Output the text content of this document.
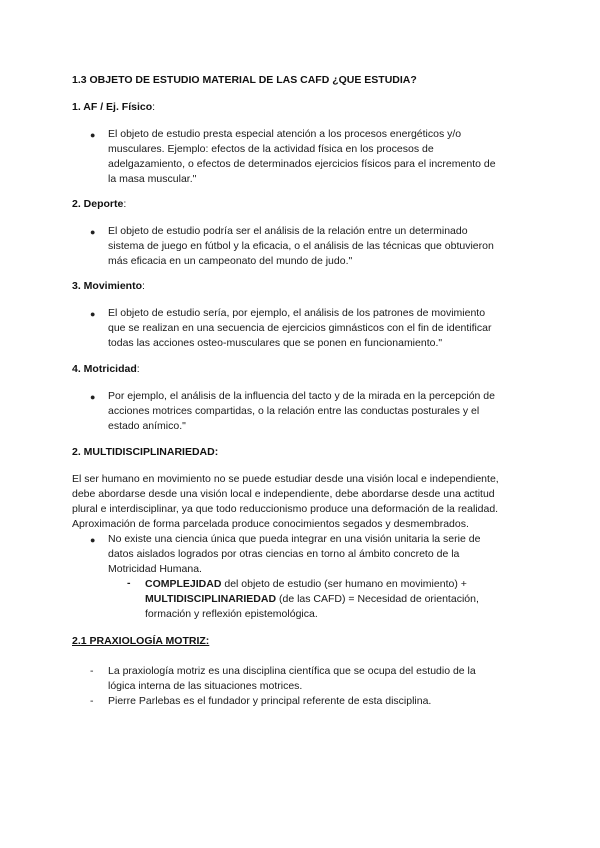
1.3 OBJETO DE ESTUDIO MATERIAL DE LAS CAFD ¿QUE ESTUDIA?
1. AF / Ej. Físico:
● El objeto de estudio presta especial atención a los procesos energéticos y/o
musculares. Ejemplo: efectos de la actividad física en los procesos de
adelgazamiento, o efectos de determinados ejercicios físicos para el incremento de
la masa muscular."
2. Deporte:
● El objeto de estudio podría ser el análisis de la relación entre un determinado
sistema de juego en fútbol y la eficacia, o el análisis de las técnicas que obtuvieron
más eficacia en un campeonato del mundo de judo."
3. Movimiento:
● El objeto de estudio sería, por ejemplo, el análisis de los patrones de movimiento
que se realizan en una secuencia de ejercicios gimnásticos con el fin de identificar
todas las acciones osteo-musculares que se ponen en funcionamiento."
4. Motricidad:
● Por ejemplo, el análisis de la influencia del tacto y de la mirada en la percepción de
acciones motrices compartidas, o la relación entre las conductas posturales y el
estado anímico."
2. MULTIDISCIPLINARIEDAD:
El ser humano en movimiento no se puede estudiar desde una visión local e independiente,
debe abordarse desde una visión local e independiente, debe abordarse desde una actitud
plural e interdisciplinar, ya que todo reduccionismo produce una deformación de la realidad.
Aproximación de forma parcelada produce conocimientos segados y desmembrados.
● No existe una ciencia única que pueda integrar en una visión unitaria la serie de
datos aislados logrados por otras ciencias en torno al ámbito concreto de la
Motricidad Humana.
- COMPLEJIDAD del objeto de estudio (ser humano en movimiento) +
MULTIDISCIPLINARIEDAD (de las CAFD) = Necesidad de orientación,
formación y reflexión epistemológica.
2.1 PRAXIOLOGÍA MOTRIZ:
- La praxiología motriz es una disciplina científica que se ocupa del estudio de la
lógica interna de las situaciones motrices.
- Pierre Parlebas es el fundador y principal referente de esta disciplina.
